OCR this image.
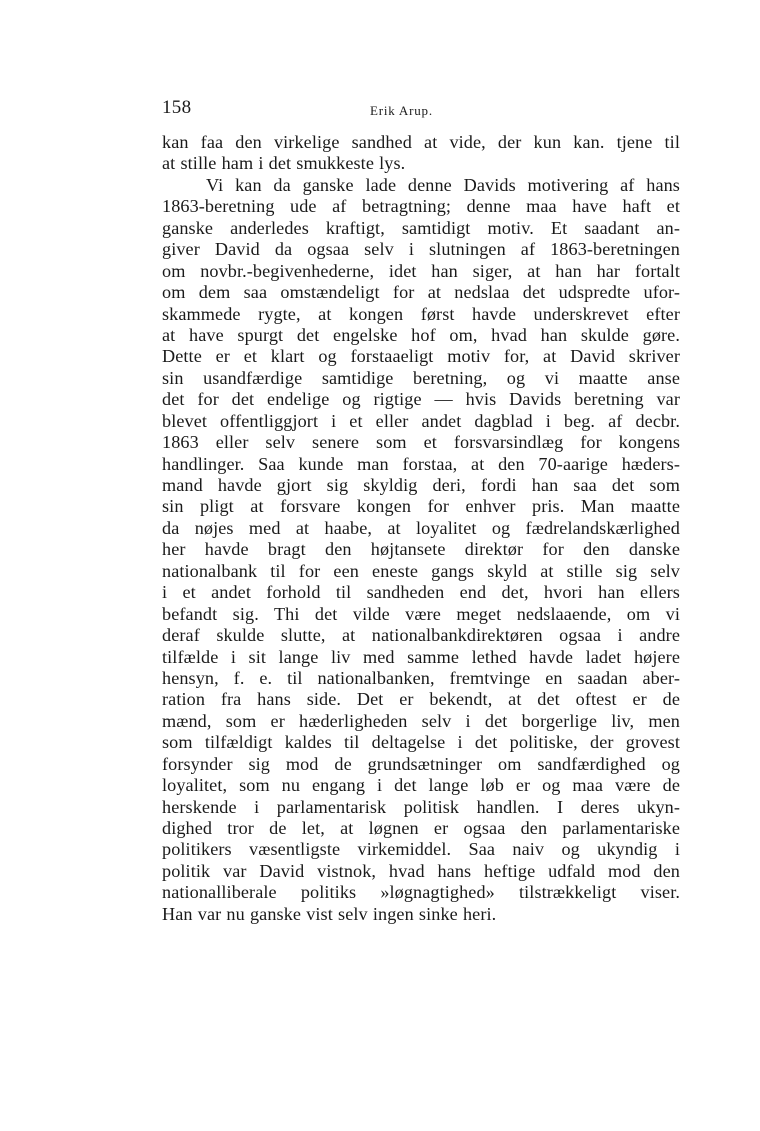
158	Erik Arup.
kan faa den virkelige sandhed at vide, der kun kan. tjene til
at stille ham i det smukkeste lys.
Vi kan da ganske lade denne Davids motivering af hans
1863-beretning ude af betragtning; denne maa have haft et
ganske anderledes kraftigt, samtidigt motiv. Et saadant an-
giver David da ogsaa selv i slutningen af 1863-beretningen
om novbr.-begivenhederne, idet han siger, at han har fortalt
om dem saa omstændeligt for at nedslaa det udspredte ufor-
skammede rygte, at kongen først havde underskrevet efter
at have spurgt det engelske hof om, hvad han skulde gøre.
Dette er et klart og forstaaeligt motiv for, at David skriver
sin usandfærdige samtidige beretning, og vi maatte anse
det for det endelige og rigtige — hvis Davids beretning var
blevet offentliggjort i et eller andet dagblad i beg. af decbr.
1863 eller selv senere som et forsvarsindlæg for kongens
handlinger. Saa kunde man forstaa, at den 70-aarige hæders-
mand havde gjort sig skyldig deri, fordi han saa det som
sin pligt at forsvare kongen for enhver pris. Man maatte
da nøjes med at haabe, at loyalitet og fædrelandskærlighed
her havde bragt den højtansete direktør for den danske
nationalbank til for een eneste gangs skyld at stille sig selv
i et andet forhold til sandheden end det, hvori han ellers
befandt sig. Thi det vilde være meget nedslaaende, om vi
deraf skulde slutte, at nationalbankdirektøren ogsaa i andre
tilfælde i sit lange liv med samme lethed havde ladet højere
hensyn, f. e. til nationalbanken, fremtvinge en saadan aber-
ration fra hans side. Det er bekendt, at det oftest er de
mænd, som er hæderligheden selv i det borgerlige liv, men
som tilfældigt kaldes til deltagelse i det politiske, der grovest
forsynder sig mod de grundsætninger om sandfærdighed og
loyalitet, som nu engang i det lange løb er og maa være de
herskende i parlamentarisk politisk handlen. I deres ukyn-
dighed tror de let, at løgnen er ogsaa den parlamentariske
politikers væsentligste virkemiddel. Saa naiv og ukyndig i
politik var David vistnok, hvad hans heftige udfald mod den
nationalliberale politiks »løgnagtighed» tilstrækkeligt viser.
Han var nu ganske vist selv ingen sinke heri.
